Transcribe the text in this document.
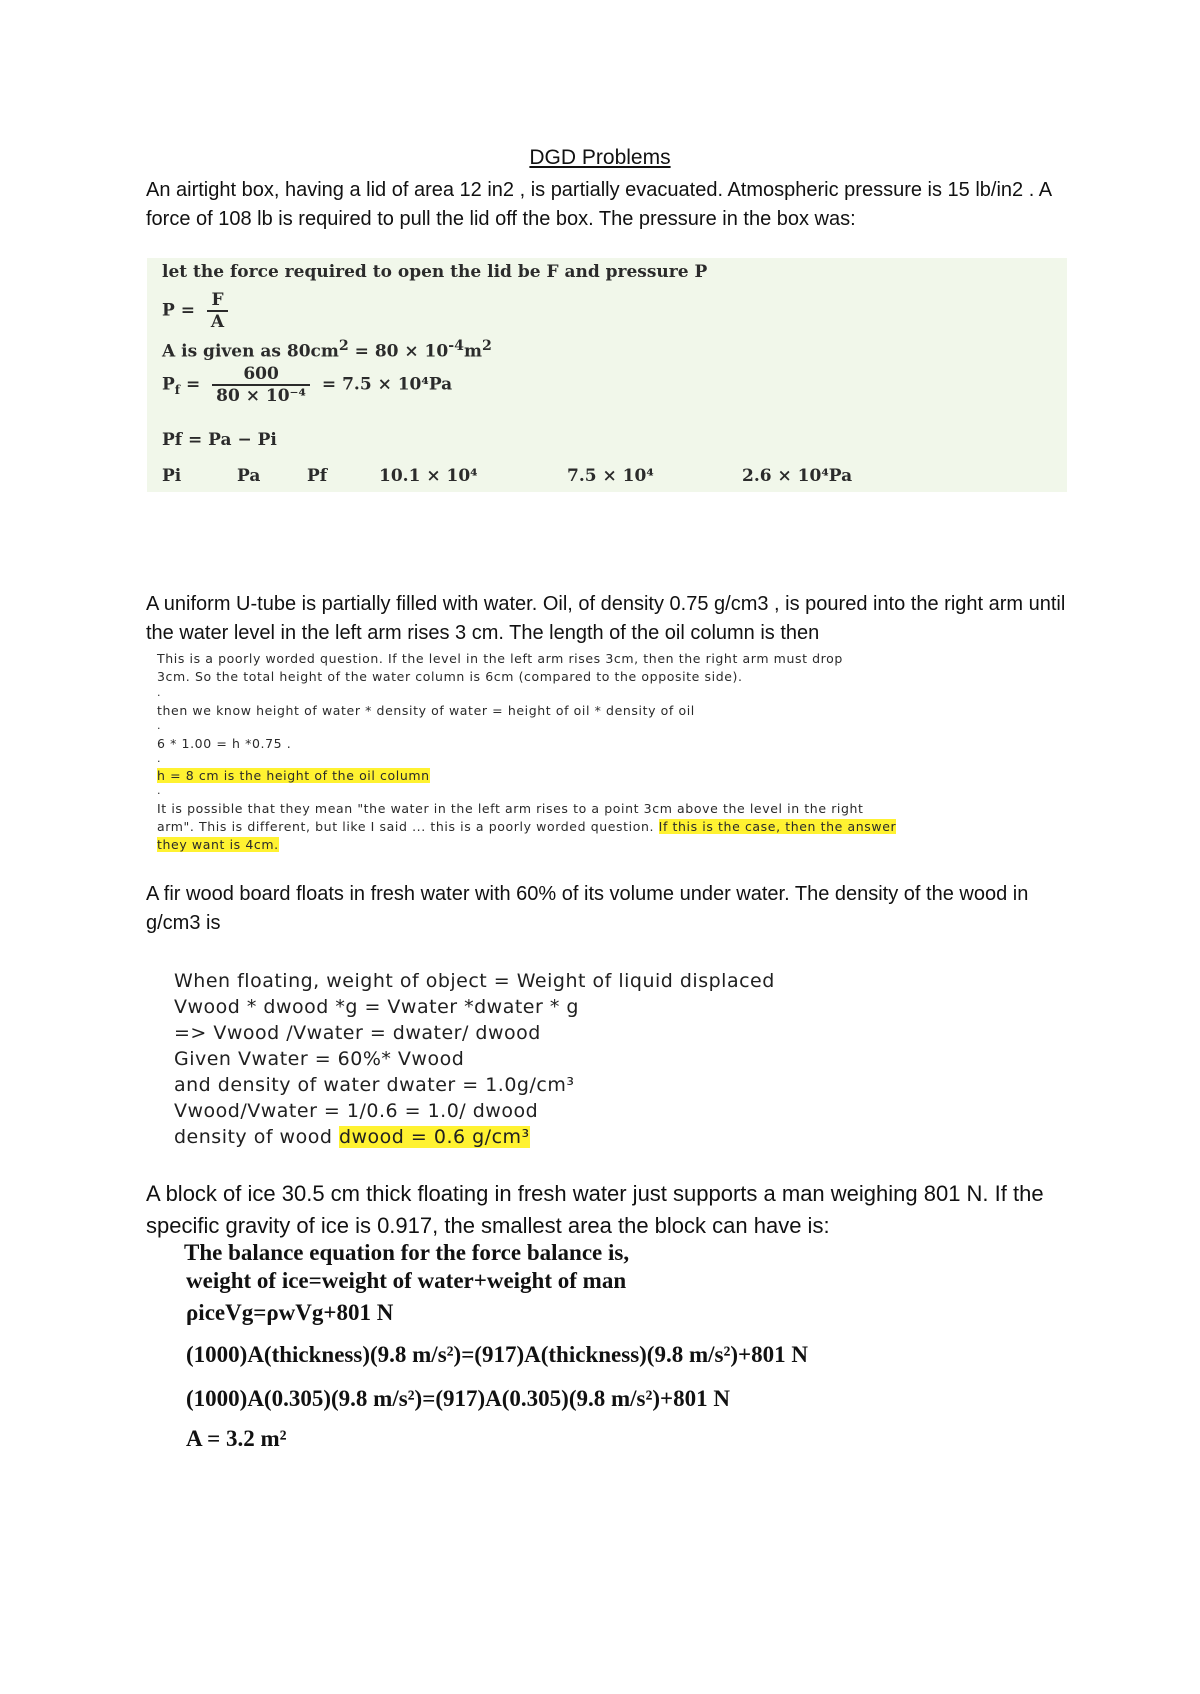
DGD Problems
An airtight box, having a lid of area 12 in2 , is partially evacuated. Atmospheric pressure is 15 lb/in2 . A force of 108 lb is required to pull the lid off the box. The pressure in the box was:
let the force required to open the lid be F and pressure P
$P = \frac{F}{A}$
A is given as $80cm^2 = 80 \times 10^{-4}m^2$
$P_f = \frac{600}{\text{80 × 10⁻⁴}} = 7.5 \times 10^4Pa$
Pf = Pa − Pi
Pi	Pa	Pf	10.1 × 10⁴	7.5 × 10⁴	2.6 × 10⁴Pa
A uniform U-tube is partially filled with water. Oil, of density 0.75 g/cm3 , is poured into the right arm until the water level in the left arm rises 3 cm. The length of the oil column is then
This is a poorly worded question. If the level in the left arm rises 3cm, then the right arm must drop
3cm. So the total height of the water column is 6cm (compared to the opposite side).
.
then we know height of water * density of water = height of oil * density of oil
.
6 * 1.00 = h *0.75 .
.
h = 8 cm is the height of the oil column
.
It is possible that they mean "the water in the left arm rises to a point 3cm above the level in the right
arm". This is different, but like I said ... this is a poorly worded question. If this is the case, then the answer
they want is 4cm.
A fir wood board floats in fresh water with 60% of its volume under water. The density of the wood in g/cm3 is
When floating, weight of object = Weight of liquid displaced
Vwood * dwood *g = Vwater *dwater * g
=> Vwood /Vwater = dwater/ dwood
Given Vwater = 60%* Vwood
and density of water dwater = 1.0g/cm³
Vwood/Vwater = 1/0.6 = 1.0/ dwood
density of wood dwood = 0.6 g/cm³
A block of ice 30.5 cm thick floating in fresh water just supports a man weighing 801 N. If the specific gravity of ice is 0.917, the smallest area the block can have is:
The balance equation for the force balance is,
weight of ice=weight of water+weight of man
ρiceVg=ρwVg+801 N
(1000)A(thickness)(9.8 m/s²)=(917)A(thickness)(9.8 m/s²)+801 N
(1000)A(0.305)(9.8 m/s²)=(917)A(0.305)(9.8 m/s²)+801 N
A = 3.2 m²
